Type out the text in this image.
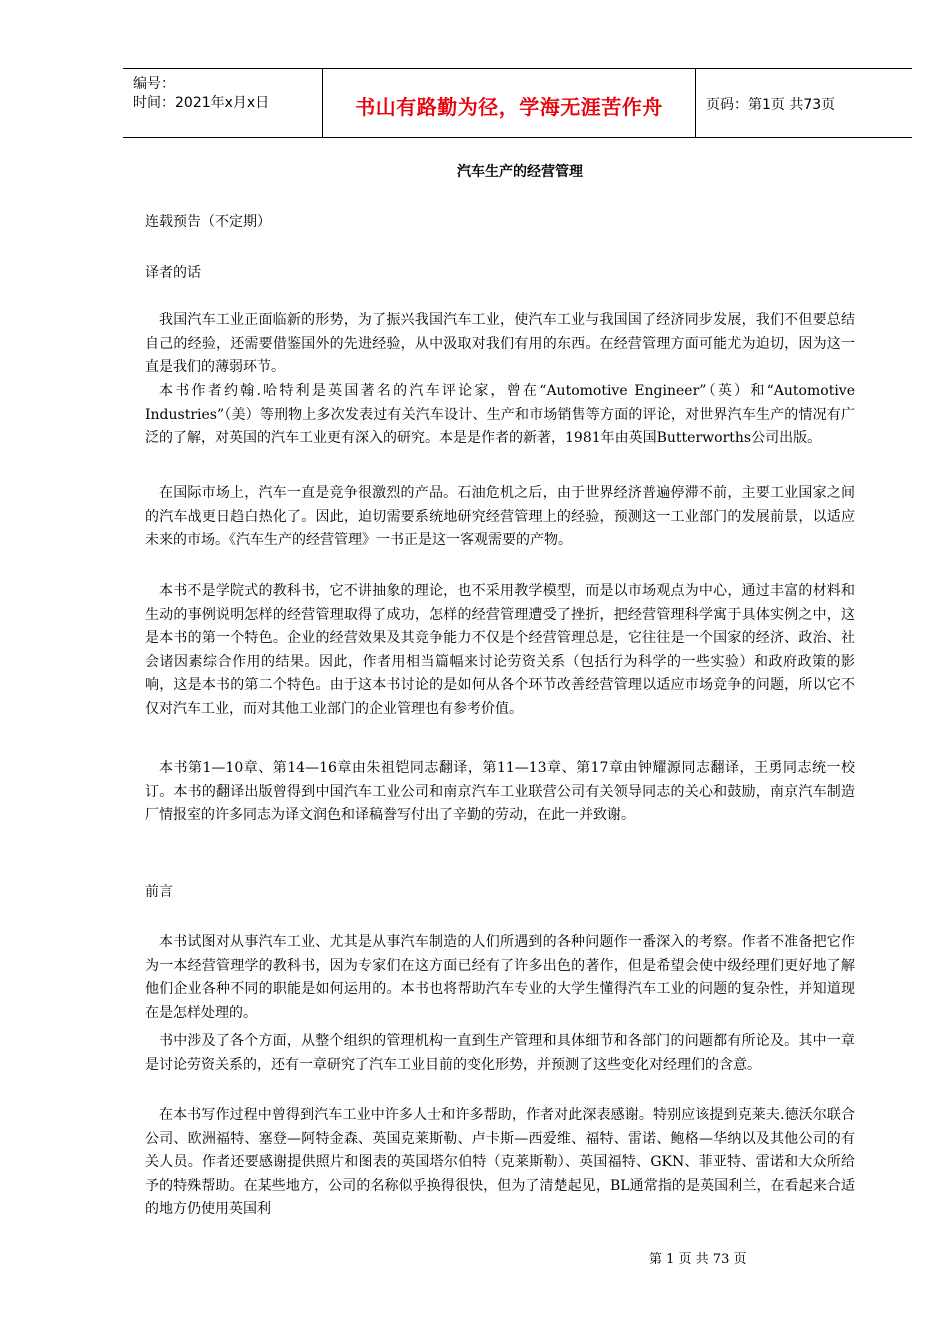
编号：
时间：2021年x月x日	书山有路勤为径，学海无涯苦作舟	页码：第1页 共73页
汽车生产的经营管理
连载预告（不定期）
译者的话
我国汽车工业正面临新的形势，为了振兴我国汽车工业，使汽车工业与我国国了经济同步发展，我们不但要总结自己的经验，还需要借鉴国外的先进经验，从中汲取对我们有用的东西。在经营管理方面可能尤为迫切，因为这一直是我们的薄弱环节。
本书作者约翰.哈特利是英国著名的汽车评论家，曾在“Automotive Engineer”（英）和“Automotive Industries”（美）等刑物上多次发表过有关汽车设计、生产和市场销售等方面的评论，对世界汽车生产的情况有广泛的了解，对英国的汽车工业更有深入的研究。本是是作者的新著，1981年由英国Butterworths公司出版。
在国际市场上，汽车一直是竞争很激烈的产品。石油危机之后，由于世界经济普遍停滞不前，主要工业国家之间的汽车战更日趋白热化了。因此，迫切需要系统地研究经营管理上的经验，预测这一工业部门的发展前景，以适应未来的市场。《汽车生产的经营管理》一书正是这一客观需要的产物。
本书不是学院式的教科书，它不讲抽象的理论，也不采用教学模型，而是以市场观点为中心，通过丰富的材料和生动的事例说明怎样的经营管理取得了成功，怎样的经营管理遭受了挫折，把经营管理科学寓于具体实例之中，这是本书的第一个特色。企业的经营效果及其竞争能力不仅是个经营管理总是，它往往是一个国家的经济、政治、社会诸因素综合作用的结果。因此，作者用相当篇幅来讨论劳资关系（包括行为科学的一些实验）和政府政策的影响，这是本书的第二个特色。由于这本书讨论的是如何从各个环节改善经营管理以适应市场竞争的问题，所以它不仅对汽车工业，而对其他工业部门的企业管理也有参考价值。
本书第1—10章、第14—16章由朱祖铠同志翻译，第11—13章、第17章由钟耀源同志翻译，王勇同志统一校订。本书的翻译出版曾得到中国汽车工业公司和南京汽车工业联营公司有关领导同志的关心和鼓励，南京汽车制造厂情报室的许多同志为译文润色和译稿誊写付出了辛勤的劳动，在此一并致谢。
前言
本书试图对从事汽车工业、尤其是从事汽车制造的人们所遇到的各种问题作一番深入的考察。作者不准备把它作为一本经营管理学的教科书，因为专家们在这方面已经有了许多出色的著作，但是希望会使中级经理们更好地了解他们企业各种不同的职能是如何运用的。本书也将帮助汽车专业的大学生懂得汽车工业的问题的复杂性，并知道现在是怎样处理的。
书中涉及了各个方面，从整个组织的管理机构一直到生产管理和具体细节和各部门的问题都有所论及。其中一章是讨论劳资关系的，还有一章研究了汽车工业目前的变化形势，并预测了这些变化对经理们的含意。
在本书写作过程中曾得到汽车工业中许多人士和许多帮助，作者对此深表感谢。特别应该提到克莱夫.德沃尔联合公司、欧洲福特、塞登—阿特金森、英国克莱斯勒、卢卡斯—西爱维、福特、雷诺、鲍格—华纳以及其他公司的有关人员。作者还要感谢提供照片和图表的英国塔尔伯特（克莱斯勒）、英国福特、GKN、菲亚特、雷诺和大众所给予的特殊帮助。在某些地方，公司的名称似乎换得很快，但为了清楚起见，BL通常指的是英国利兰，在看起来合适的地方仍使用英国利
第 1 页 共 73 页
